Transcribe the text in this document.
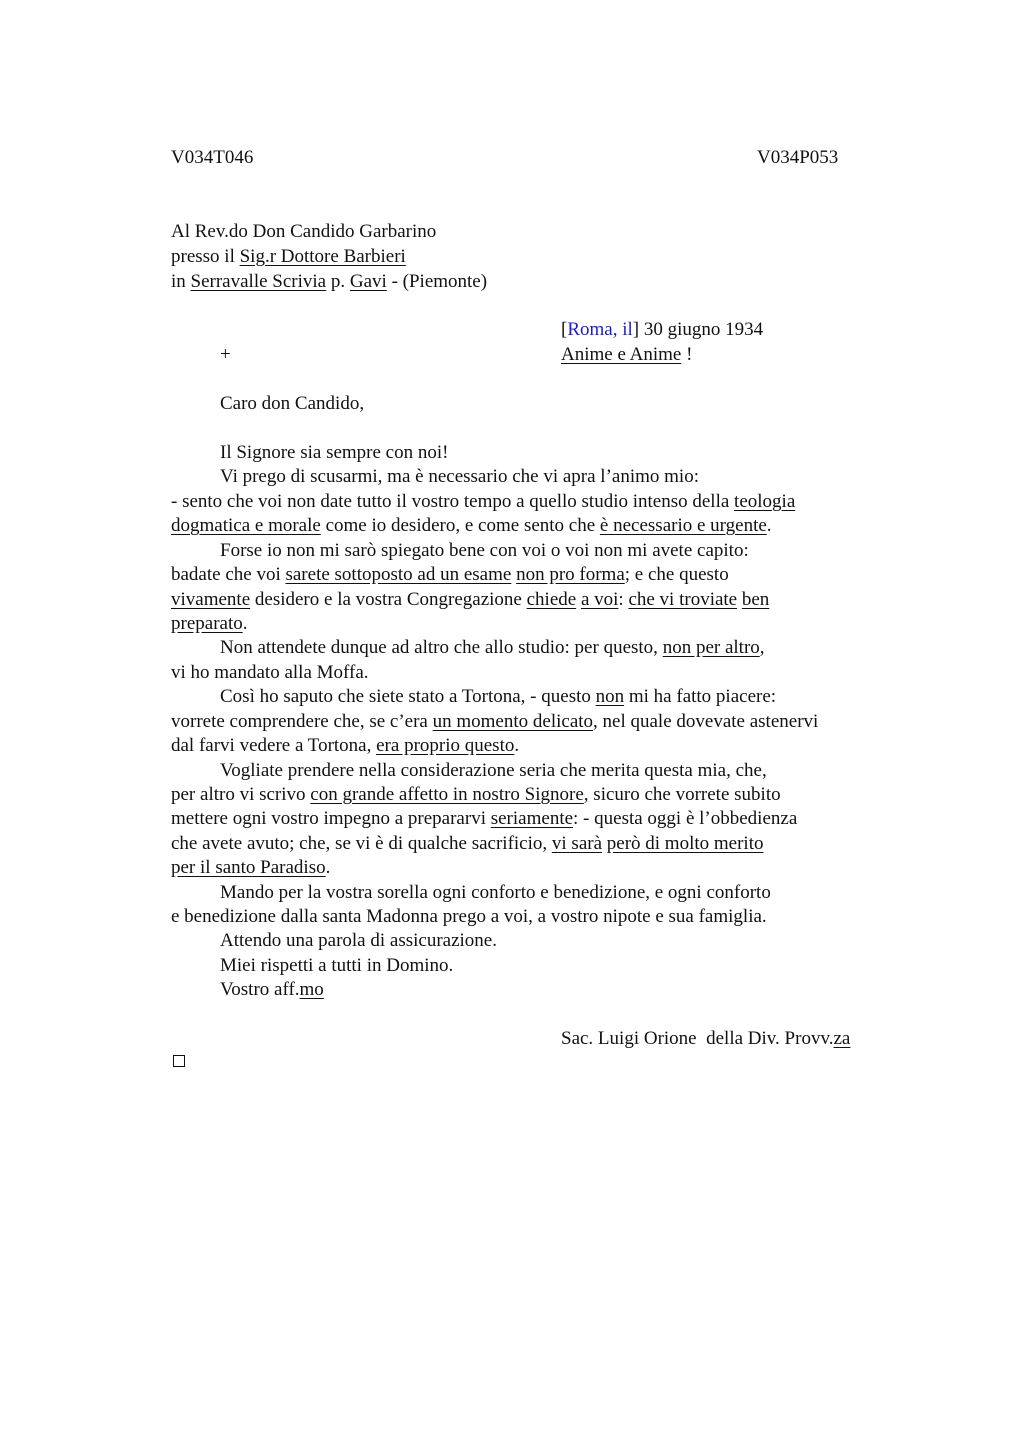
V034T046	V034P053
Al Rev.do Don Candido Garbarino
presso il Sig.r Dottore Barbieri
in Serravalle Scrivia p. Gavi - (Piemonte)
[Roma, il] 30 giugno 1934
+	Anime e Anime !
Caro don Candido,
Il Signore sia sempre con noi!
Vi prego di scusarmi, ma è necessario che vi apra l’animo mio:
- sento che voi non date tutto il vostro tempo a quello studio intenso della teologia
dogmatica e morale come io desidero, e come sento che è necessario e urgente.
Forse io non mi sarò spiegato bene con voi o voi non mi avete capito:
badate che voi sarete sottoposto ad un esame non pro forma; e che questo
vivamente desidero e la vostra Congregazione chiede a voi: che vi troviate ben
preparato.
Non attendete dunque ad altro che allo studio: per questo, non per altro,
vi ho mandato alla Moffa.
Così ho saputo che siete stato a Tortona, - questo non mi ha fatto piacere:
vorrete comprendere che, se c’era un momento delicato, nel quale dovevate astenervi
dal farvi vedere a Tortona, era proprio questo.
Vogliate prendere nella considerazione seria che merita questa mia, che,
per altro vi scrivo con grande affetto in nostro Signore, sicuro che vorrete subito
mettere ogni vostro impegno a prepararvi seriamente: - questa oggi è l’obbedienza
che avete avuto; che, se vi è di qualche sacrificio, vi sarà però di molto merito
per il santo Paradiso.
Mando per la vostra sorella ogni conforto e benedizione, e ogni conforto
e benedizione dalla santa Madonna prego a voi, a vostro nipote e sua famiglia.
Attendo una parola di assicurazione.
Miei rispetti a tutti in Domino.
Vostro aff.mo
Sac. Luigi Orione  della Div. Provv.za
